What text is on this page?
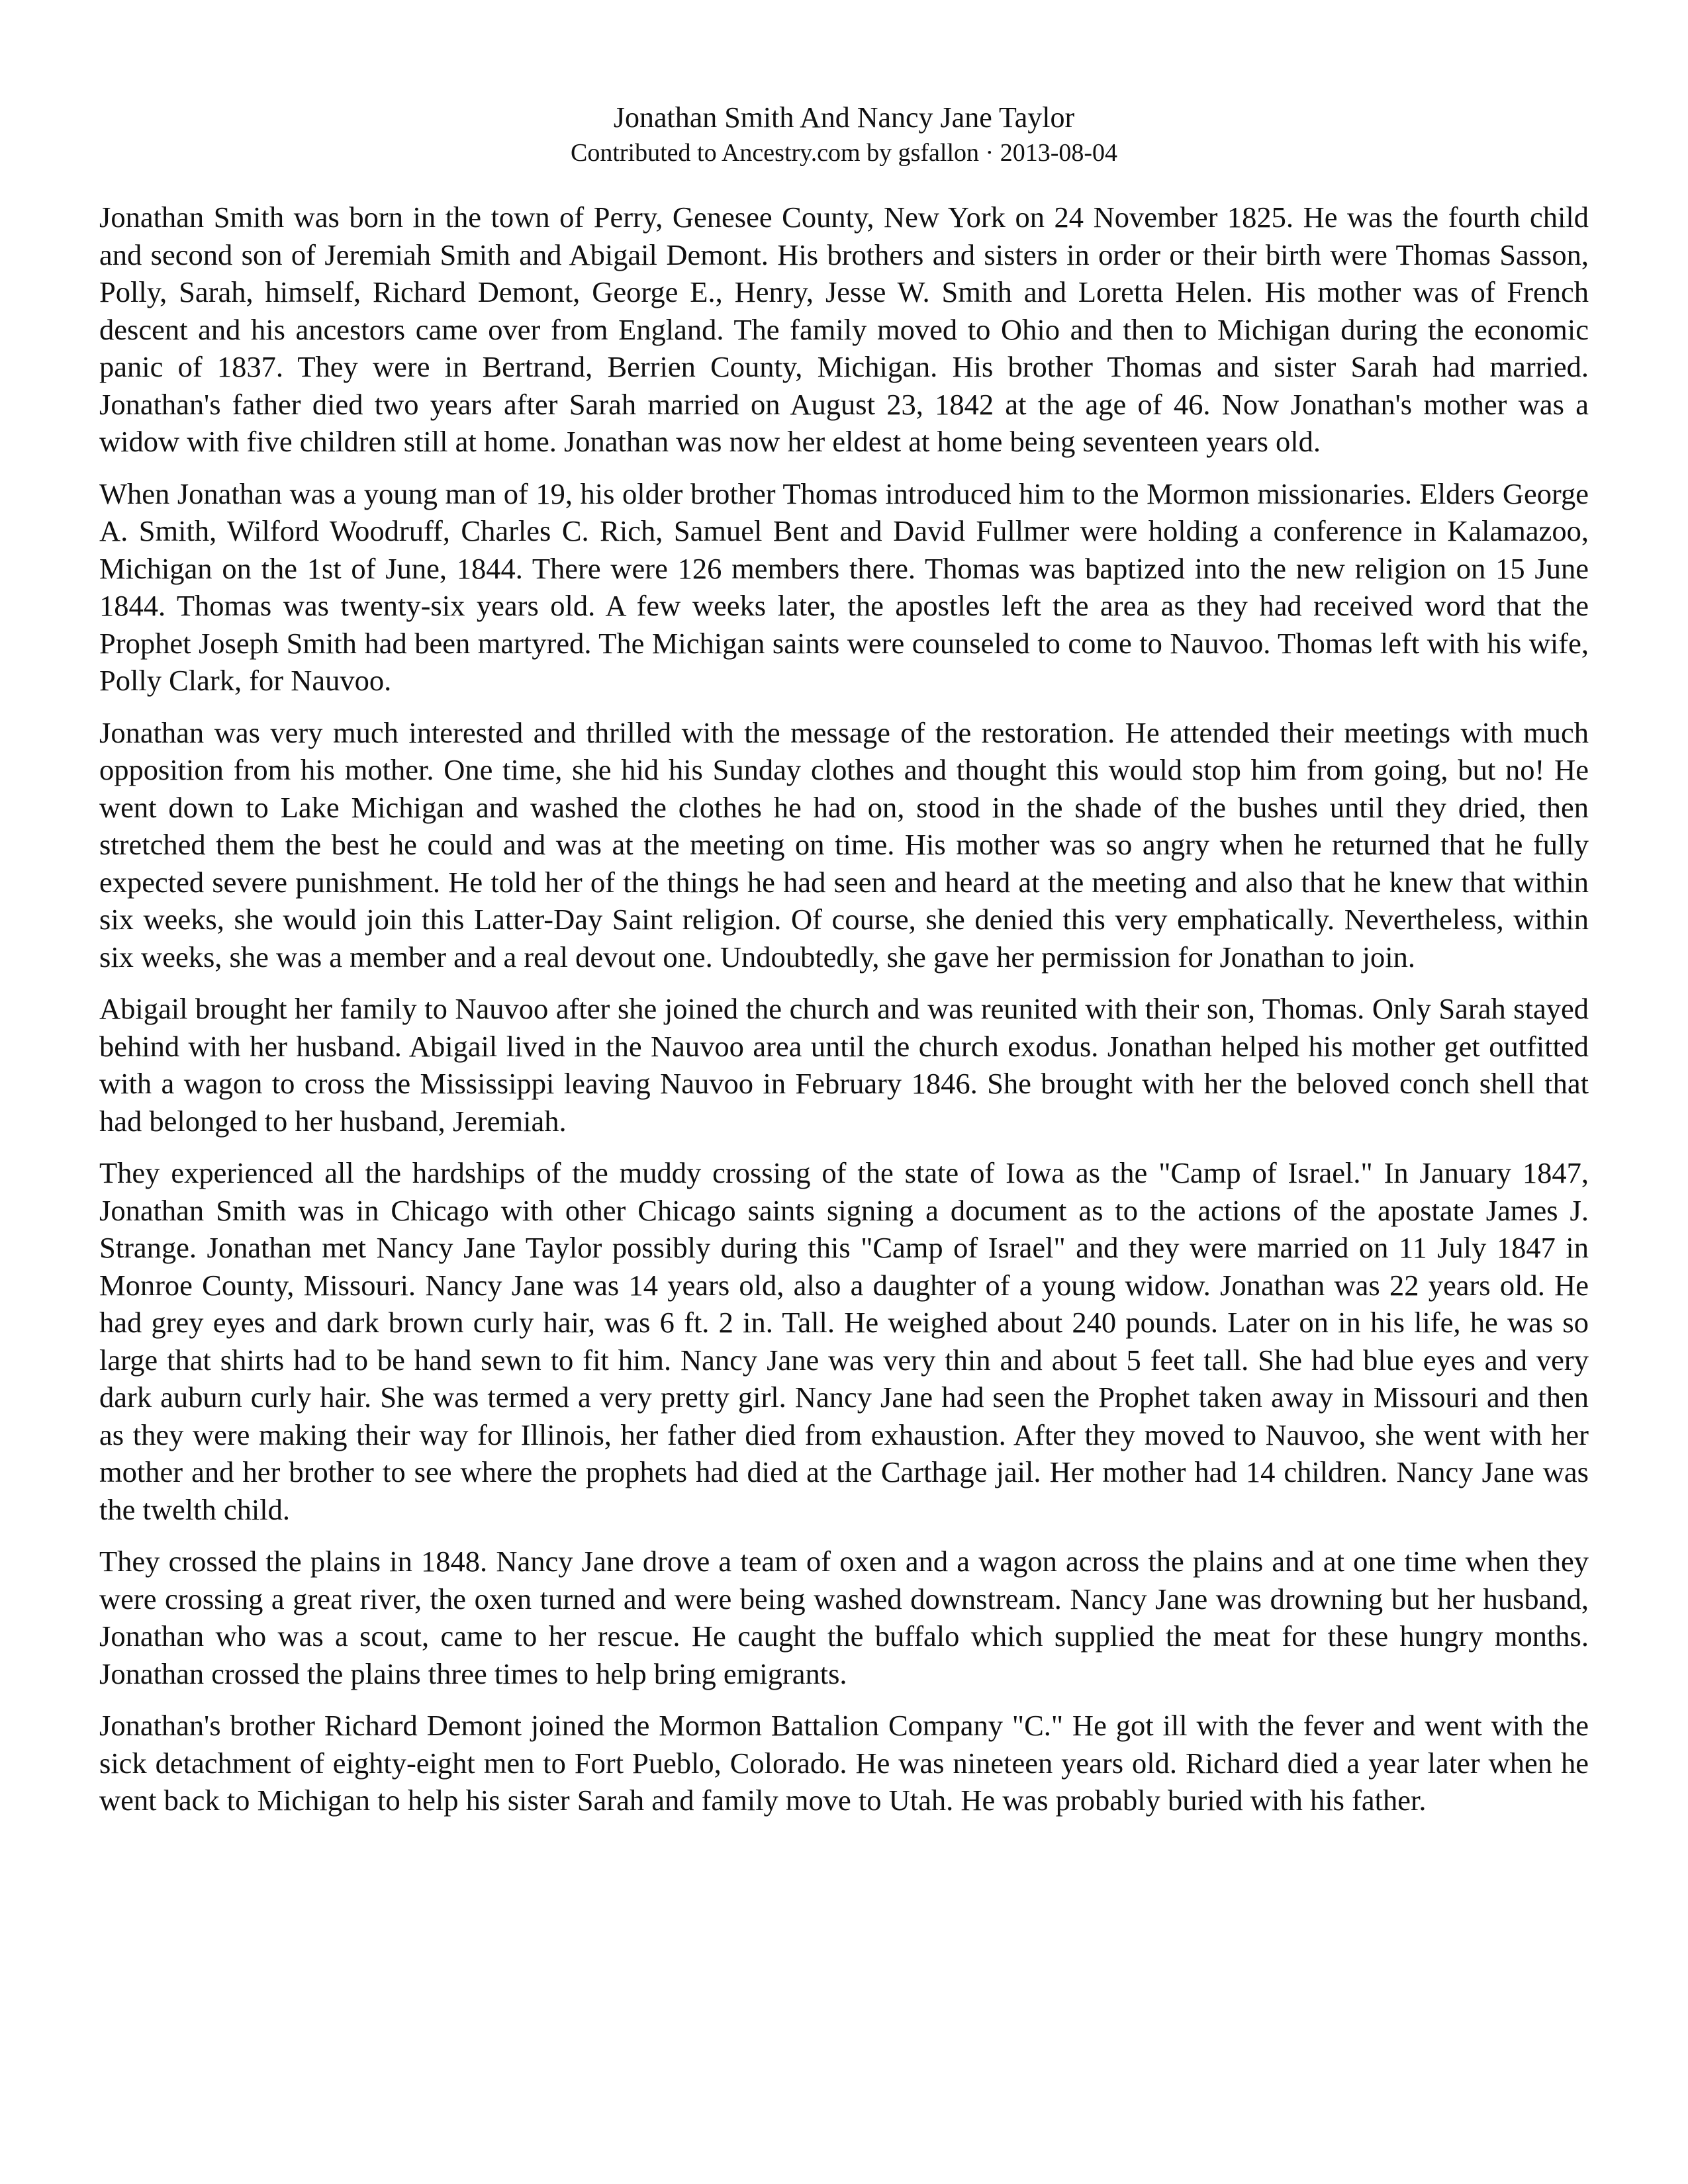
Jonathan Smith And Nancy Jane Taylor

Contributed to Ancestry.com by gsfallon · 2013-08-04

Jonathan Smith was born in the town of Perry, Genesee County, New York on 24 November 1825. He was the fourth child and second son of Jeremiah Smith and Abigail Demont. His brothers and sisters in order or their birth were Thomas Sasson, Polly, Sarah, himself, Richard Demont, George E., Henry, Jesse W. Smith and Loretta Helen. His mother was of French descent and his ancestors came over from England. The family moved to Ohio and then to Michigan during the economic panic of 1837. They were in Bertrand, Berrien County, Michigan. His brother Thomas and sister Sarah had married. Jonathan's father died two years after Sarah married on August 23, 1842 at the age of 46. Now Jonathan's mother was a widow with five children still at home. Jonathan was now her eldest at home being seventeen years old.

When Jonathan was a young man of 19, his older brother Thomas introduced him to the Mormon missionaries. Elders George A. Smith, Wilford Woodruff, Charles C. Rich, Samuel Bent and David Fullmer were holding a conference in Kalamazoo, Michigan on the 1st of June, 1844. There were 126 members there. Thomas was baptized into the new religion on 15 June 1844. Thomas was twenty-six years old. A few weeks later, the apostles left the area as they had received word that the Prophet Joseph Smith had been martyred. The Michigan saints were counseled to come to Nauvoo. Thomas left with his wife, Polly Clark, for Nauvoo.

Jonathan was very much interested and thrilled with the message of the restoration. He attended their meetings with much opposition from his mother. One time, she hid his Sunday clothes and thought this would stop him from going, but no! He went down to Lake Michigan and washed the clothes he had on, stood in the shade of the bushes until they dried, then stretched them the best he could and was at the meeting on time. His mother was so angry when he returned that he fully expected severe punishment. He told her of the things he had seen and heard at the meeting and also that he knew that within six weeks, she would join this Latter-Day Saint religion. Of course, she denied this very emphatically. Nevertheless, within six weeks, she was a member and a real devout one. Undoubtedly, she gave her permission for Jonathan to join.

Abigail brought her family to Nauvoo after she joined the church and was reunited with their son, Thomas. Only Sarah stayed behind with her husband. Abigail lived in the Nauvoo area until the church exodus. Jonathan helped his mother get outfitted with a wagon to cross the Mississippi leaving Nauvoo in February 1846. She brought with her the beloved conch shell that had belonged to her husband, Jeremiah.

They experienced all the hardships of the muddy crossing of the state of Iowa as the "Camp of Israel." In January 1847, Jonathan Smith was in Chicago with other Chicago saints signing a document as to the actions of the apostate James J. Strange. Jonathan met Nancy Jane Taylor possibly during this "Camp of Israel" and they were married on 11 July 1847 in Monroe County, Missouri. Nancy Jane was 14 years old, also a daughter of a young widow. Jonathan was 22 years old. He had grey eyes and dark brown curly hair, was 6 ft. 2 in. Tall. He weighed about 240 pounds. Later on in his life, he was so large that shirts had to be hand sewn to fit him. Nancy Jane was very thin and about 5 feet tall. She had blue eyes and very dark auburn curly hair. She was termed a very pretty girl. Nancy Jane had seen the Prophet taken away in Missouri and then as they were making their way for Illinois, her father died from exhaustion. After they moved to Nauvoo, she went with her mother and her brother to see where the prophets had died at the Carthage jail. Her mother had 14 children. Nancy Jane was the twelth child.

They crossed the plains in 1848. Nancy Jane drove a team of oxen and a wagon across the plains and at one time when they were crossing a great river, the oxen turned and were being washed downstream. Nancy Jane was drowning but her husband, Jonathan who was a scout, came to her rescue. He caught the buffalo which supplied the meat for these hungry months. Jonathan crossed the plains three times to help bring emigrants.

Jonathan's brother Richard Demont joined the Mormon Battalion Company "C." He got ill with the fever and went with the sick detachment of eighty-eight men to Fort Pueblo, Colorado. He was nineteen years old. Richard died a year later when he went back to Michigan to help his sister Sarah and family move to Utah. He was probably buried with his father.
